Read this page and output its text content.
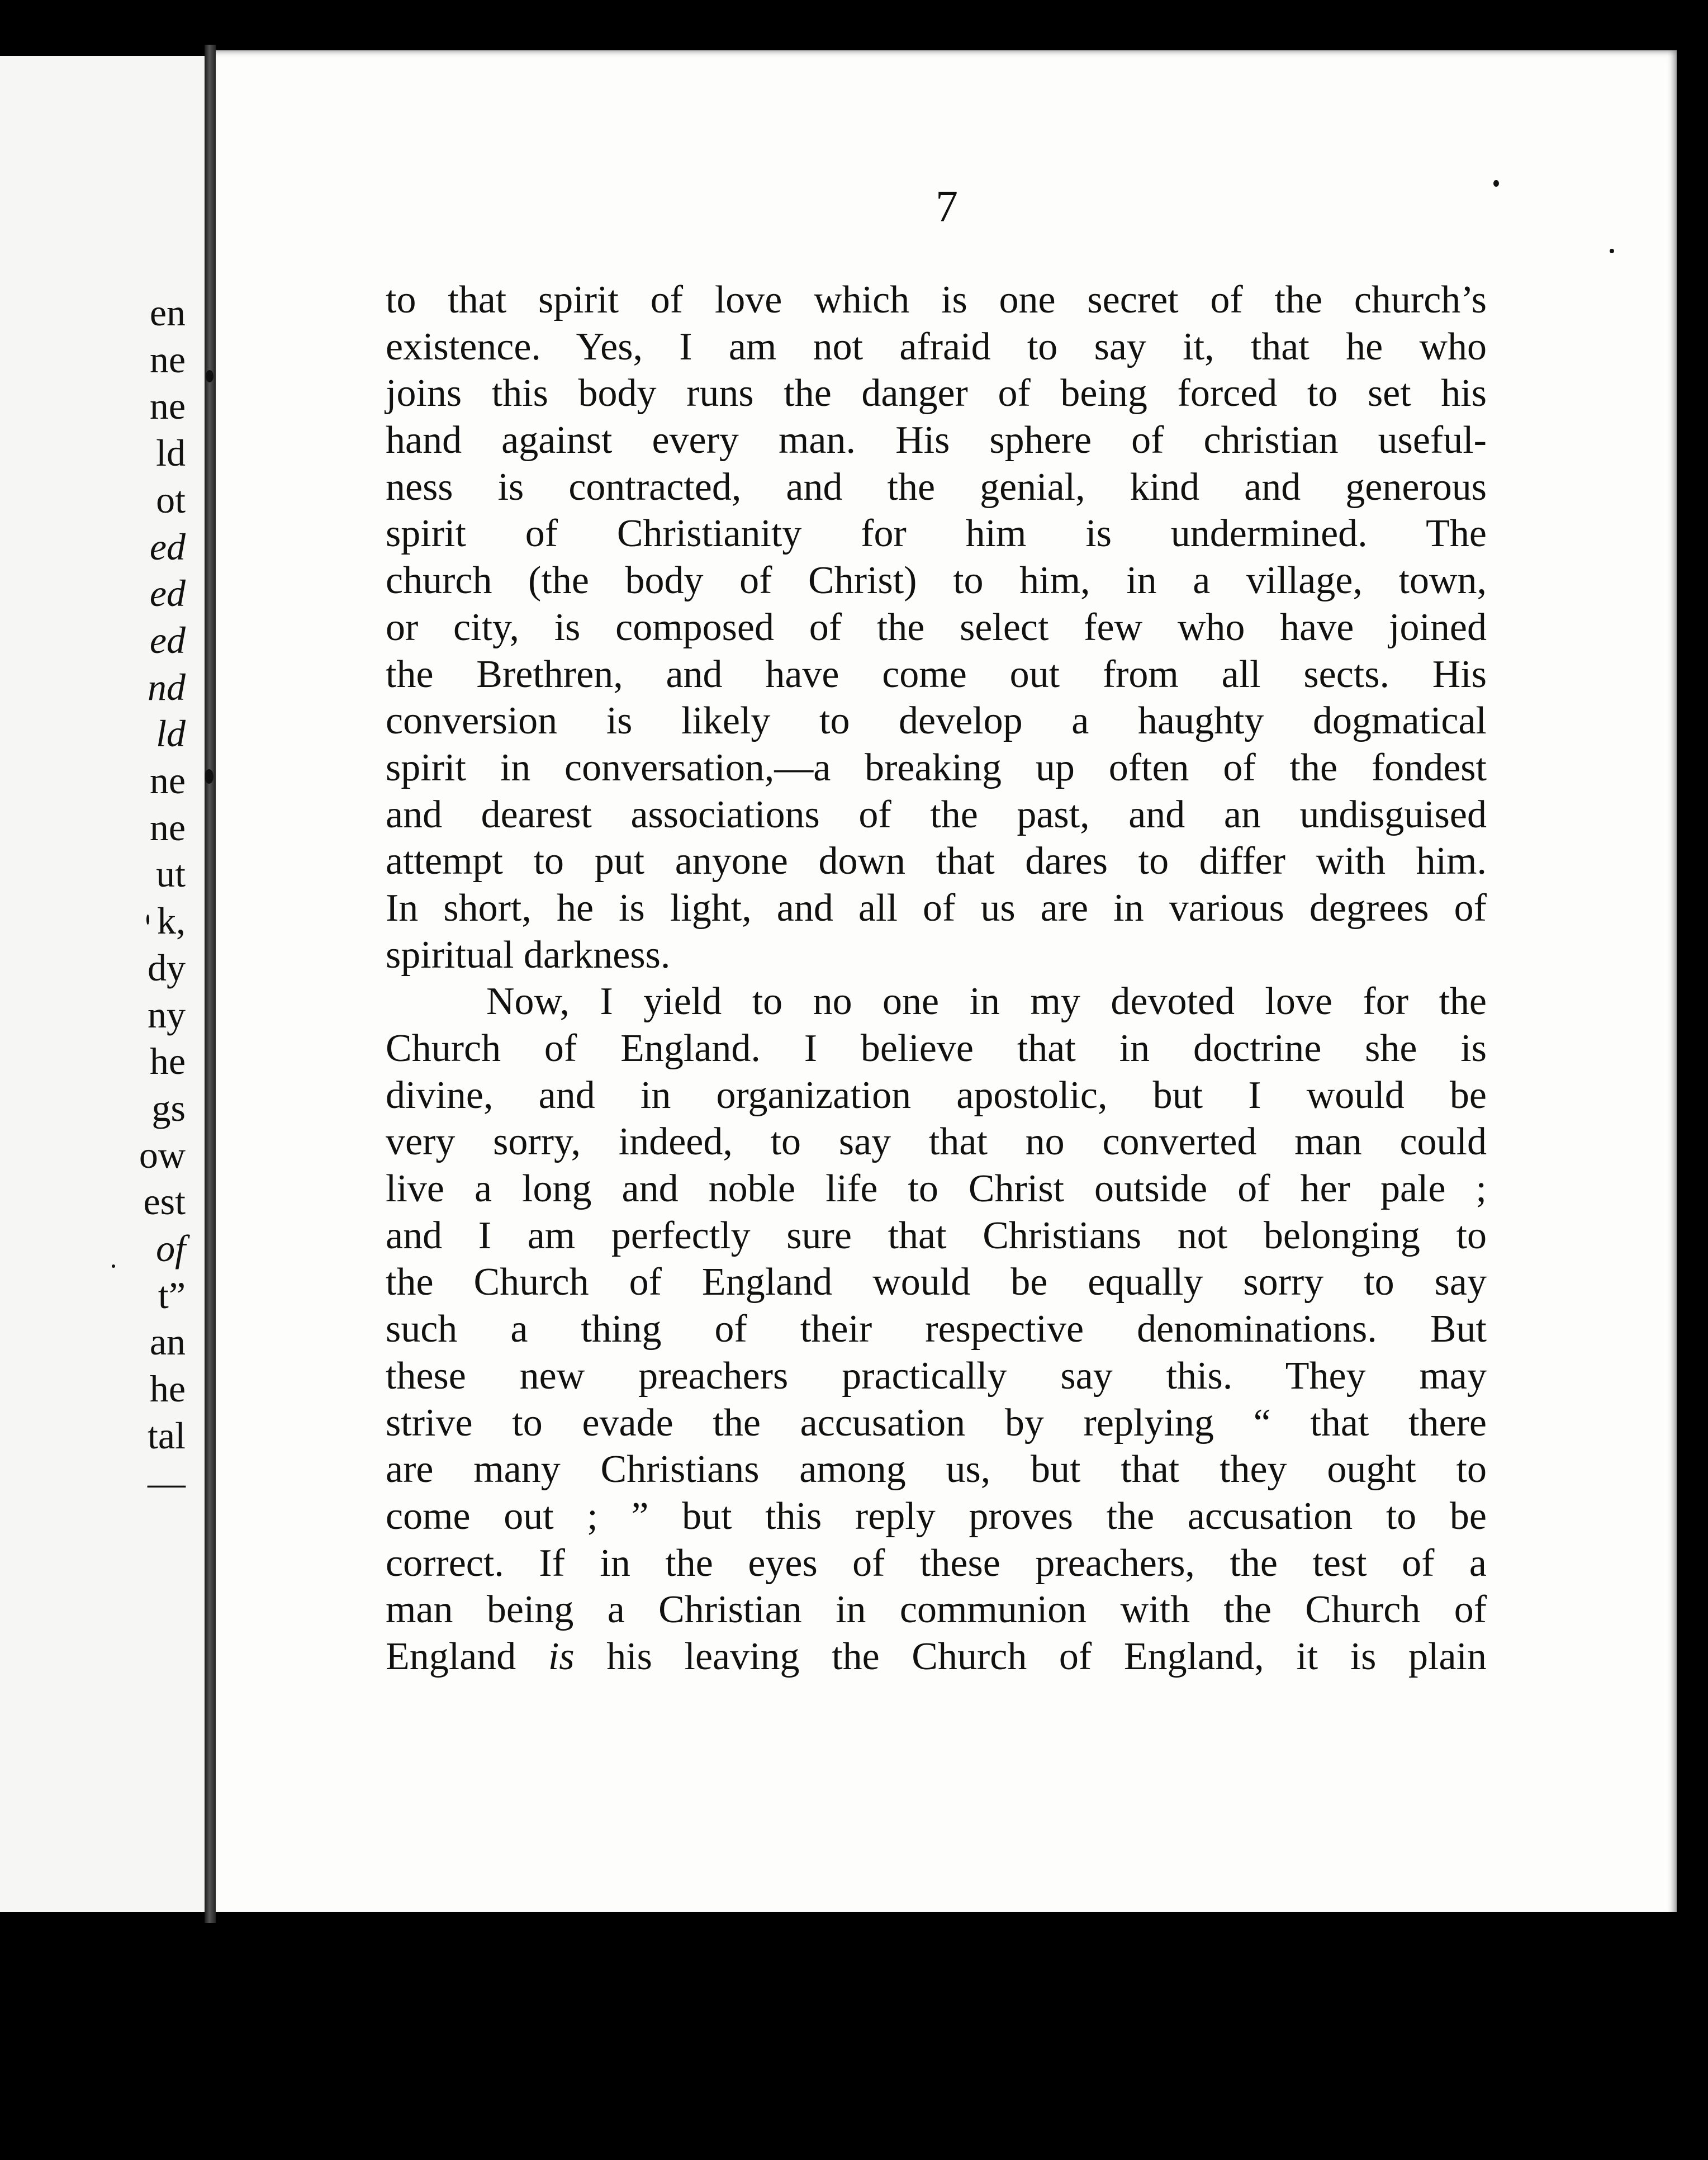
en
ne
ne
ld
ot
ed
ed
ed
nd
ld
ne
ne
ut
k,
dy
ny
he
gs
ow
est
of
t”
an
he
tal
—
7
to that spirit of love which is one secret of the church’s
existence. Yes, I am not afraid to say it, that he who
joins this body runs the danger of being forced to set his
hand against every man. His sphere of christian useful-
ness is contracted, and the genial, kind and generous
spirit of Christianity for him is undermined. The
church (the body of Christ) to him, in a village, town,
or city, is composed of the select few who have joined
the Brethren, and have come out from all sects. His
conversion is likely to develop a haughty dogmatical
spirit in conversation,—a breaking up often of the fondest
and dearest associations of the past, and an undisguised
attempt to put anyone down that dares to differ with him.
In short, he is light, and all of us are in various degrees of
spiritual darkness.
Now, I yield to no one in my devoted love for the
Church of England. I believe that in doctrine she is
divine, and in organization apostolic, but I would be
very sorry, indeed, to say that no converted man could
live a long and noble life to Christ outside of her pale ;
and I am perfectly sure that Christians not belonging to
the Church of England would be equally sorry to say
such a thing of their respective denominations. But
these new preachers practically say this. They may
strive to evade the accusation by replying “ that there
are many Christians among us, but that they ought to
come out ; ” but this reply proves the accusation to be
correct. If in the eyes of these preachers, the test of a
man being a Christian in communion with the Church of
England is his leaving the Church of England, it is plain
